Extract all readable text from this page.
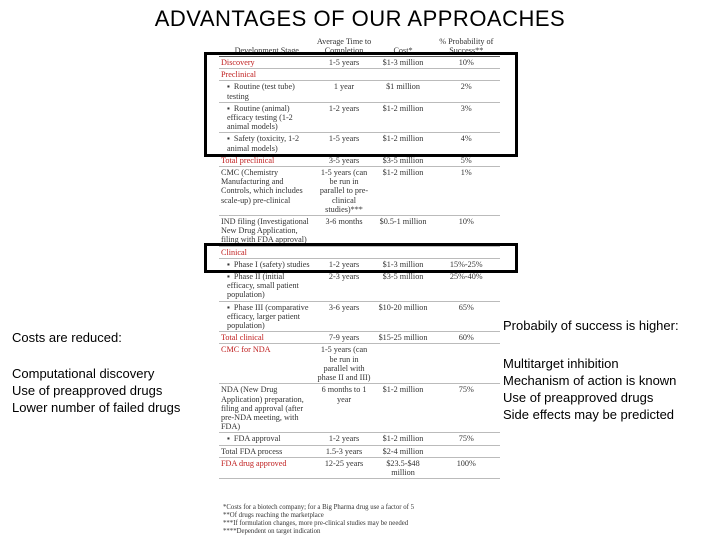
ADVANTAGES OF OUR APPROACHES
Costs are reduced:
Computational discovery
Use of preapproved drugs
Lower number of failed drugs
Probabily of success is higher:
Multitarget inhibition
Mechanism of action is known
Use of preapproved drugs
Side effects may be predicted
Development Stage	Average Time to Completion	Cost*	% Probability of Success**
Discovery	1-5 years	$1-3 million	10%
Preclinical			
▪ Routine (test tube) testing	1 year	$1 million	2%
▪ Routine (animal) efficacy testing (1-2 animal models)	1-2 years	$1-2 million	3%
▪ Safety (toxicity, 1-2 animal models)	1-5 years	$1-2 million	4%
Total preclinical	3-5 years	$3-5 million	5%
CMC (Chemistry Manufacturing and Controls, which includes scale-up) pre-clinical	1-5 years (can be run in parallel to pre-clinical studies)***	$1-2 million	1%
IND filing (Investigational New Drug Application, filing with FDA approval)	3-6 months	$0.5-1 million	10%
Clinical			
▪ Phase I (safety) studies	1-2 years	$1-3 million	15%-25%
▪ Phase II (initial efficacy, small patient population)	2-3 years	$3-5 million	25%-40%
▪ Phase III (comparative efficacy, larger patient population)	3-6 years	$10-20 million	65%
Total clinical	7-9 years	$15-25 million	60%
CMC for NDA	1-5 years (can be run in parallel with phase II and III)		
NDA (New Drug Application) preparation, filing and approval (after pre-NDA meeting, with FDA)	6 months to 1 year	$1-2 million	75%
▪ FDA approval	1-2 years	$1-2 million	75%
Total FDA process	1.5-3 years	$2-4 million	
FDA drug approved	12-25 years	$23.5-$48 million	100%
*Costs for a biotech company; for a Big Pharma drug use a factor of 5
**Of drugs reaching the marketplace
***If formulation changes, more pre-clinical studies may be needed
****Dependent on target indication
